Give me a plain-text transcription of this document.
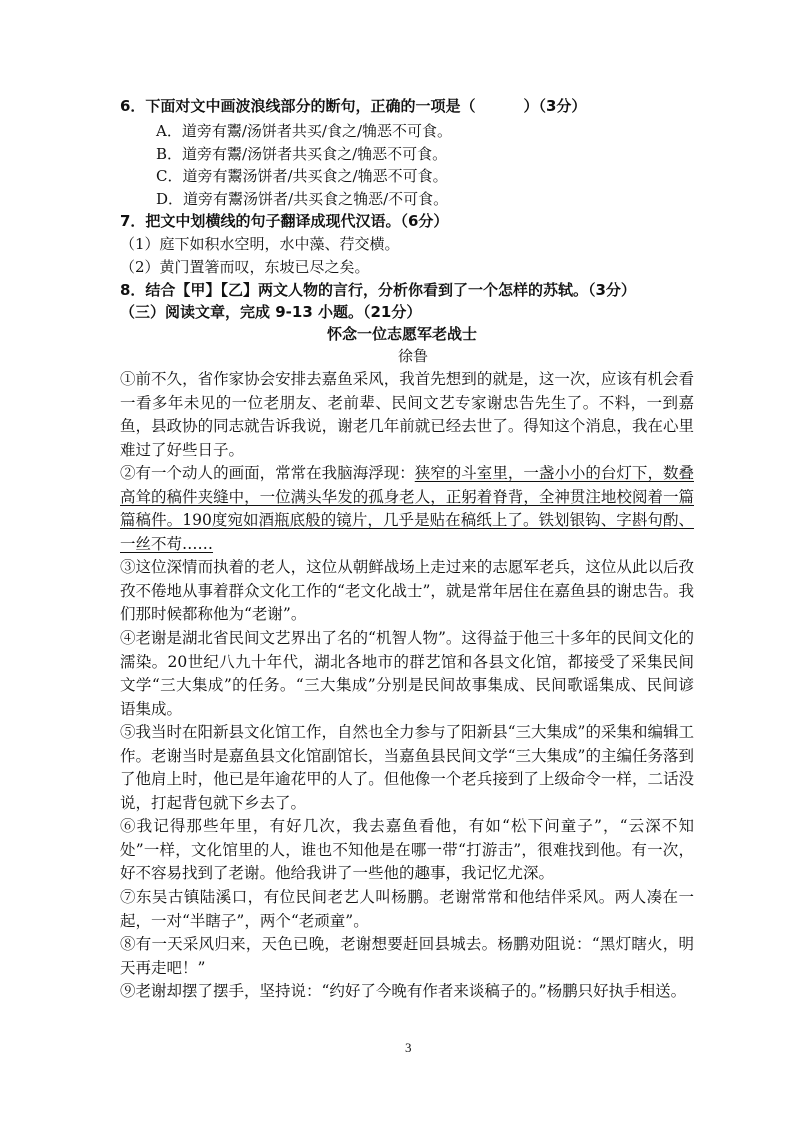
6．下面对文中画波浪线部分的断句，正确的一项是（	）（3分）
A．道旁有鬻/汤饼者共买/食之/觕恶不可食。
B．道旁有鬻/汤饼者共买食之/觕恶不可食。
C．道旁有鬻汤饼者/共买食之/觕恶不可食。
D．道旁有鬻汤饼者/共买食之觕恶/不可食。
7．把文中划横线的句子翻译成现代汉语。（6分）
（1）庭下如积水空明，水中藻、荇交横。
（2）黄门置箸而叹，东坡已尽之矣。
8．结合【甲】【乙】两文人物的言行，分析你看到了一个怎样的苏轼。（3分）
（三）阅读文章，完成 9-13 小题。（21分）
怀念一位志愿军老战士
徐鲁
①前不久，省作家协会安排去嘉鱼采风，我首先想到的就是，这一次，应该有机会看一看多年未见的一位老朋友、老前辈、民间文艺专家谢忠告先生了。不料，一到嘉鱼，县政协的同志就告诉我说，谢老几年前就已经去世了。得知这个消息，我在心里难过了好些日子。
②有一个动人的画面，常常在我脑海浮现：狭窄的斗室里，一盏小小的台灯下，数叠高耸的稿件夹缝中，一位满头华发的孤身老人，正躬着脊背，全神贯注地校阅着一篇篇稿件。190度宛如酒瓶底般的镜片，几乎是贴在稿纸上了。铁划银钩、字斟句酌、一丝不苟……
③这位深情而执着的老人，这位从朝鲜战场上走过来的志愿军老兵，这位从此以后孜孜不倦地从事着群众文化工作的“老文化战士”，就是常年居住在嘉鱼县的谢忠告。我们那时候都称他为“老谢”。
④老谢是湖北省民间文艺界出了名的“机智人物”。这得益于他三十多年的民间文化的濡染。20世纪八九十年代，湖北各地市的群艺馆和各县文化馆，都接受了采集民间文学“三大集成”的任务。“三大集成”分别是民间故事集成、民间歌谣集成、民间谚语集成。
⑤我当时在阳新县文化馆工作，自然也全力参与了阳新县“三大集成”的采集和编辑工作。老谢当时是嘉鱼县文化馆副馆长，当嘉鱼县民间文学“三大集成”的主编任务落到了他肩上时，他已是年逾花甲的人了。但他像一个老兵接到了上级命令一样，二话没说，打起背包就下乡去了。
⑥我记得那些年里，有好几次，我去嘉鱼看他，有如“松下问童子”，“云深不知处”一样，文化馆里的人，谁也不知他是在哪一带“打游击”，很难找到他。有一次，好不容易找到了老谢。他给我讲了一些他的趣事，我记忆尤深。
⑦东吴古镇陆溪口，有位民间老艺人叫杨鹏。老谢常常和他结伴采风。两人凑在一起，一对“半瞎子”，两个“老顽童”。
⑧有一天采风归来，天色已晚，老谢想要赶回县城去。杨鹏劝阻说：“黑灯瞎火，明天再走吧！”
⑨老谢却摆了摆手，坚持说：“约好了今晚有作者来谈稿子的。”杨鹏只好执手相送。
3
